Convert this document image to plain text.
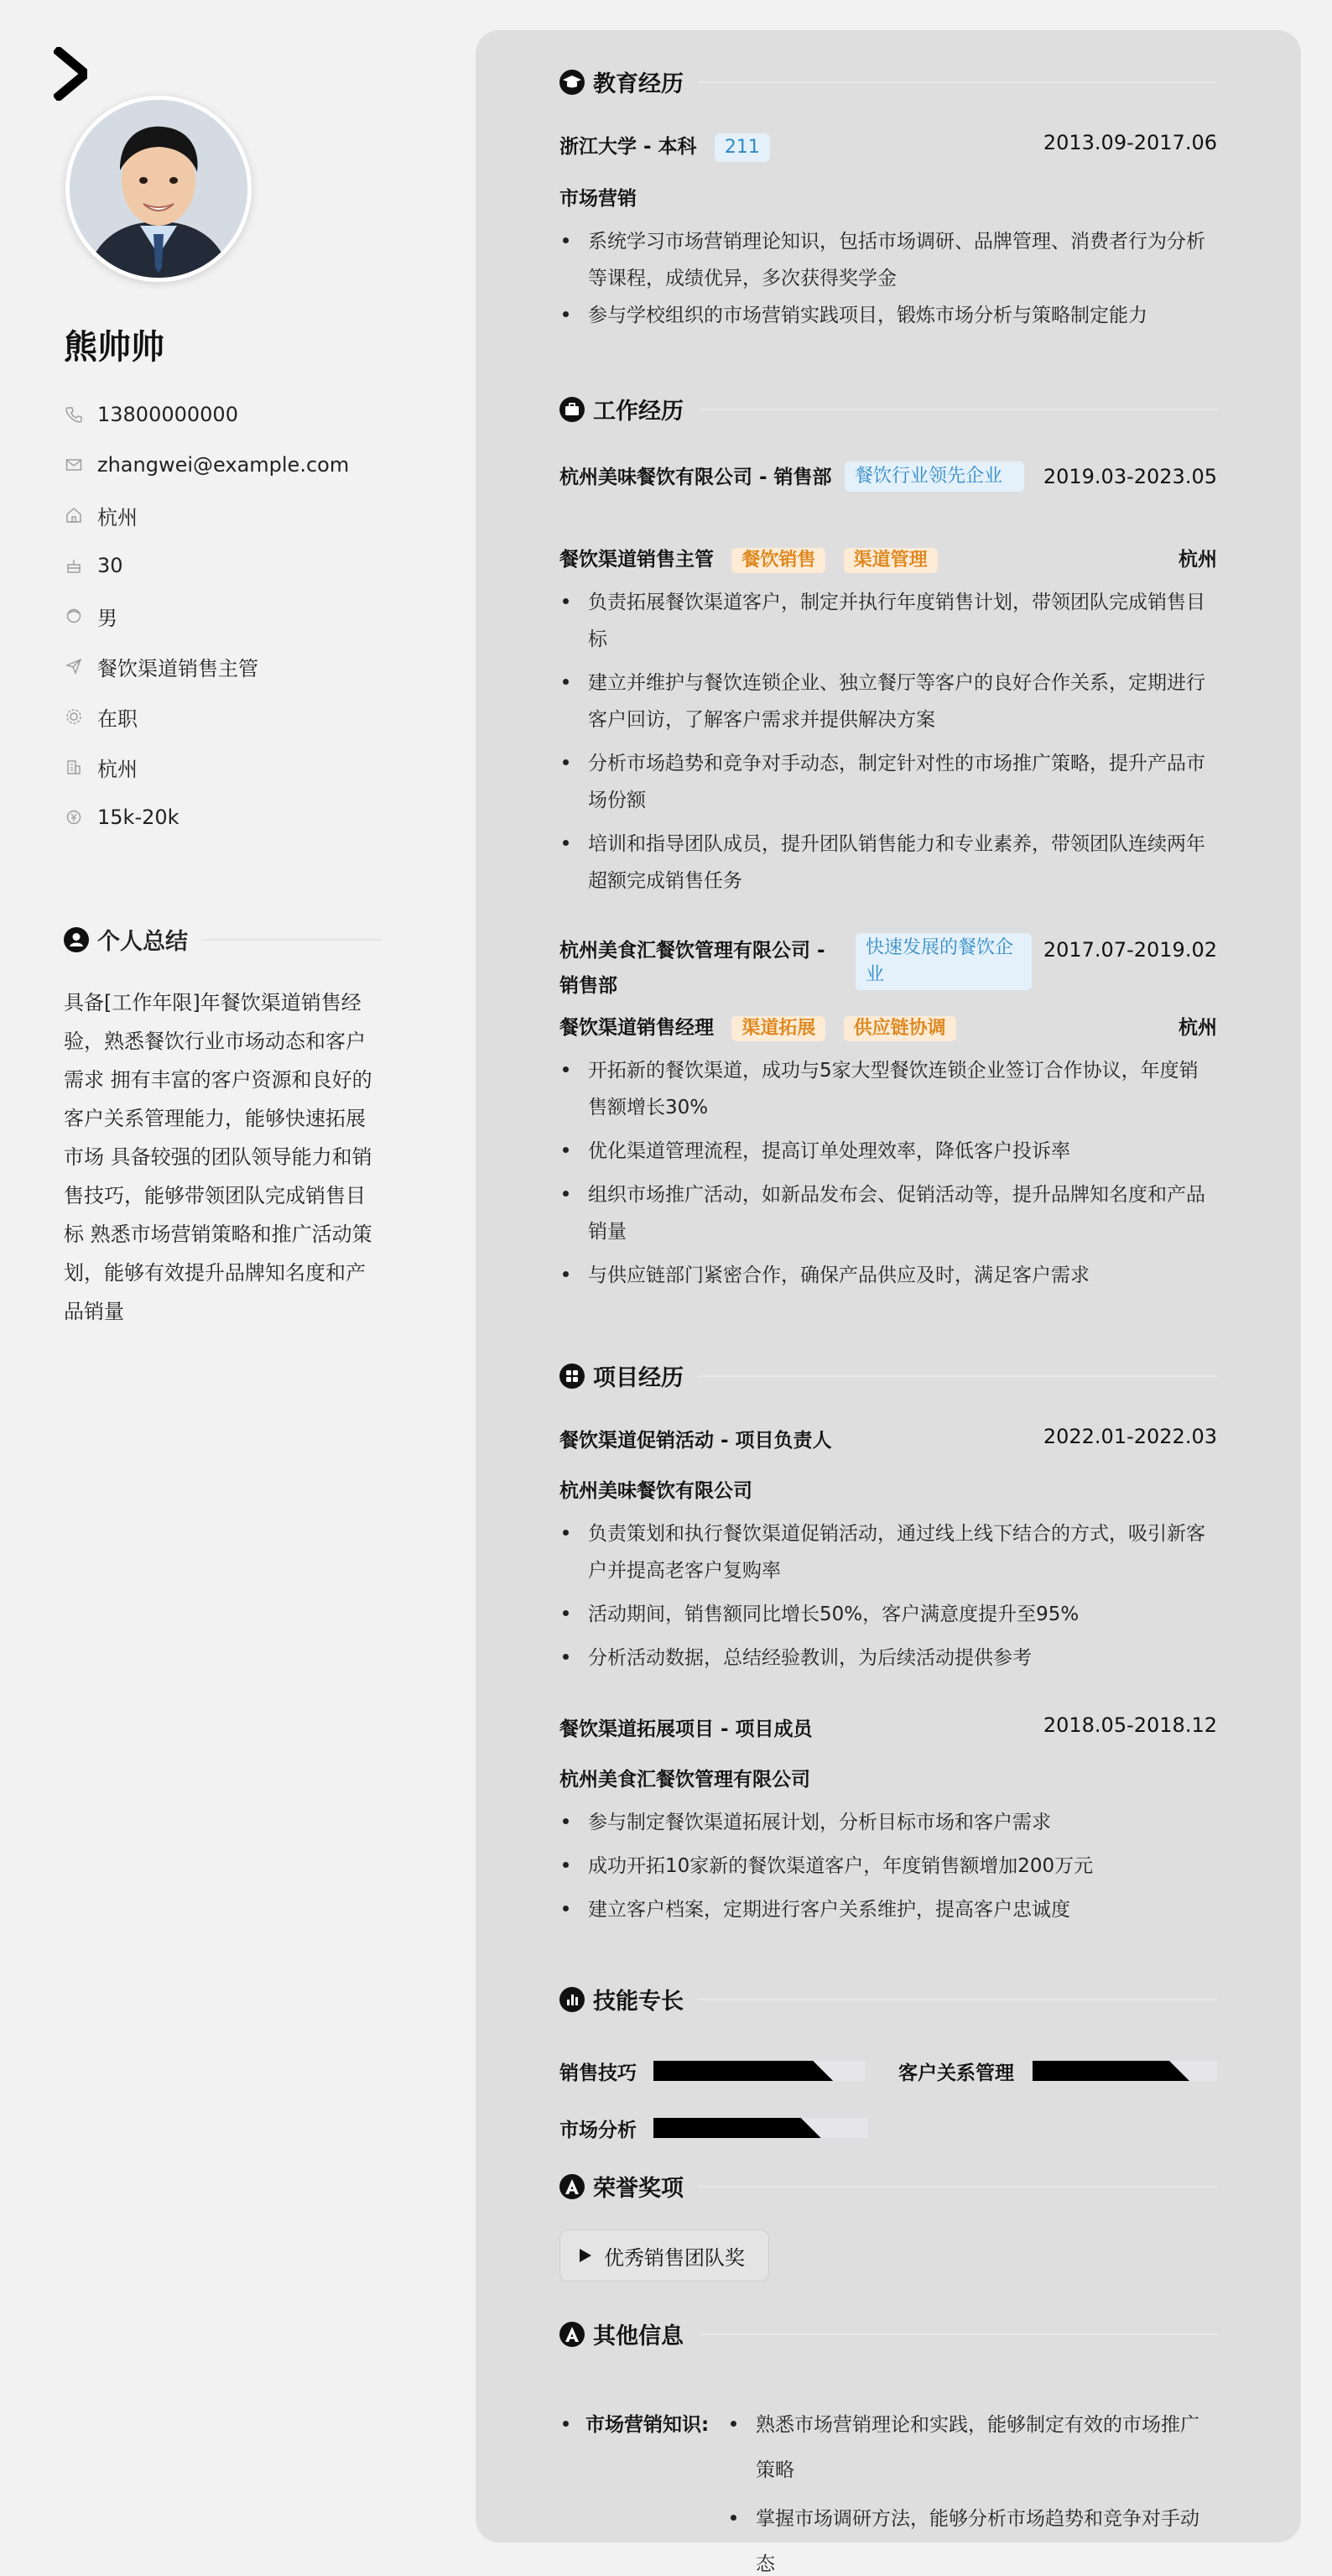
熊帅帅
13800000000
zhangwei@example.com
杭州
30
男
餐饮渠道销售主管
在职
杭州
15k-20k
个人总结
具备[工作年限]年餐饮渠道销售经验，熟悉餐饮行业市场动态和客户需求 拥有丰富的客户资源和良好的客户关系管理能力，能够快速拓展市场 具备较强的团队领导能力和销售技巧，能够带领团队完成销售目标 熟悉市场营销策略和推广活动策划，能够有效提升品牌知名度和产品销量
教育经历
浙江大学 - 本科 211	2013.09-2017.06
市场营销
系统学习市场营销理论知识，包括市场调研、品牌管理、消费者行为分析等课程，成绩优异，多次获得奖学金
参与学校组织的市场营销实践项目，锻炼市场分析与策略制定能力
工作经历
杭州美味餐饮有限公司 - 销售部	餐饮行业领先企业	2019.03-2023.05
餐饮渠道销售主管 餐饮销售 渠道管理	杭州
负责拓展餐饮渠道客户，制定并执行年度销售计划，带领团队完成销售目标
建立并维护与餐饮连锁企业、独立餐厅等客户的良好合作关系，定期进行客户回访，了解客户需求并提供解决方案
分析市场趋势和竞争对手动态，制定针对性的市场推广策略，提升产品市场份额
培训和指导团队成员，提升团队销售能力和专业素养，带领团队连续两年超额完成销售任务
杭州美食汇餐饮管理有限公司 - 销售部
快速发展的餐饮企业
2017.07-2019.02
餐饮渠道销售经理 渠道拓展 供应链协调	杭州
开拓新的餐饮渠道，成功与5家大型餐饮连锁企业签订合作协议，年度销售额增长30%
优化渠道管理流程，提高订单处理效率，降低客户投诉率
组织市场推广活动，如新品发布会、促销活动等，提升品牌知名度和产品销量
与供应链部门紧密合作，确保产品供应及时，满足客户需求
项目经历
餐饮渠道促销活动 - 项目负责人	2022.01-2022.03
杭州美味餐饮有限公司
负责策划和执行餐饮渠道促销活动，通过线上线下结合的方式，吸引新客户并提高老客户复购率
活动期间，销售额同比增长50%，客户满意度提升至95%
分析活动数据，总结经验教训，为后续活动提供参考
餐饮渠道拓展项目 - 项目成员	2018.05-2018.12
杭州美食汇餐饮管理有限公司
参与制定餐饮渠道拓展计划，分析目标市场和客户需求
成功开拓10家新的餐饮渠道客户，年度销售额增加200万元
建立客户档案，定期进行客户关系维护，提高客户忠诚度
技能专长
销售技巧	客户关系管理
市场分析
荣誉奖项
优秀销售团队奖
其他信息
市场营销知识:	熟悉市场营销理论和实践，能够制定有效的市场推广策略
掌握市场调研方法，能够分析市场趋势和竞争对手动态
